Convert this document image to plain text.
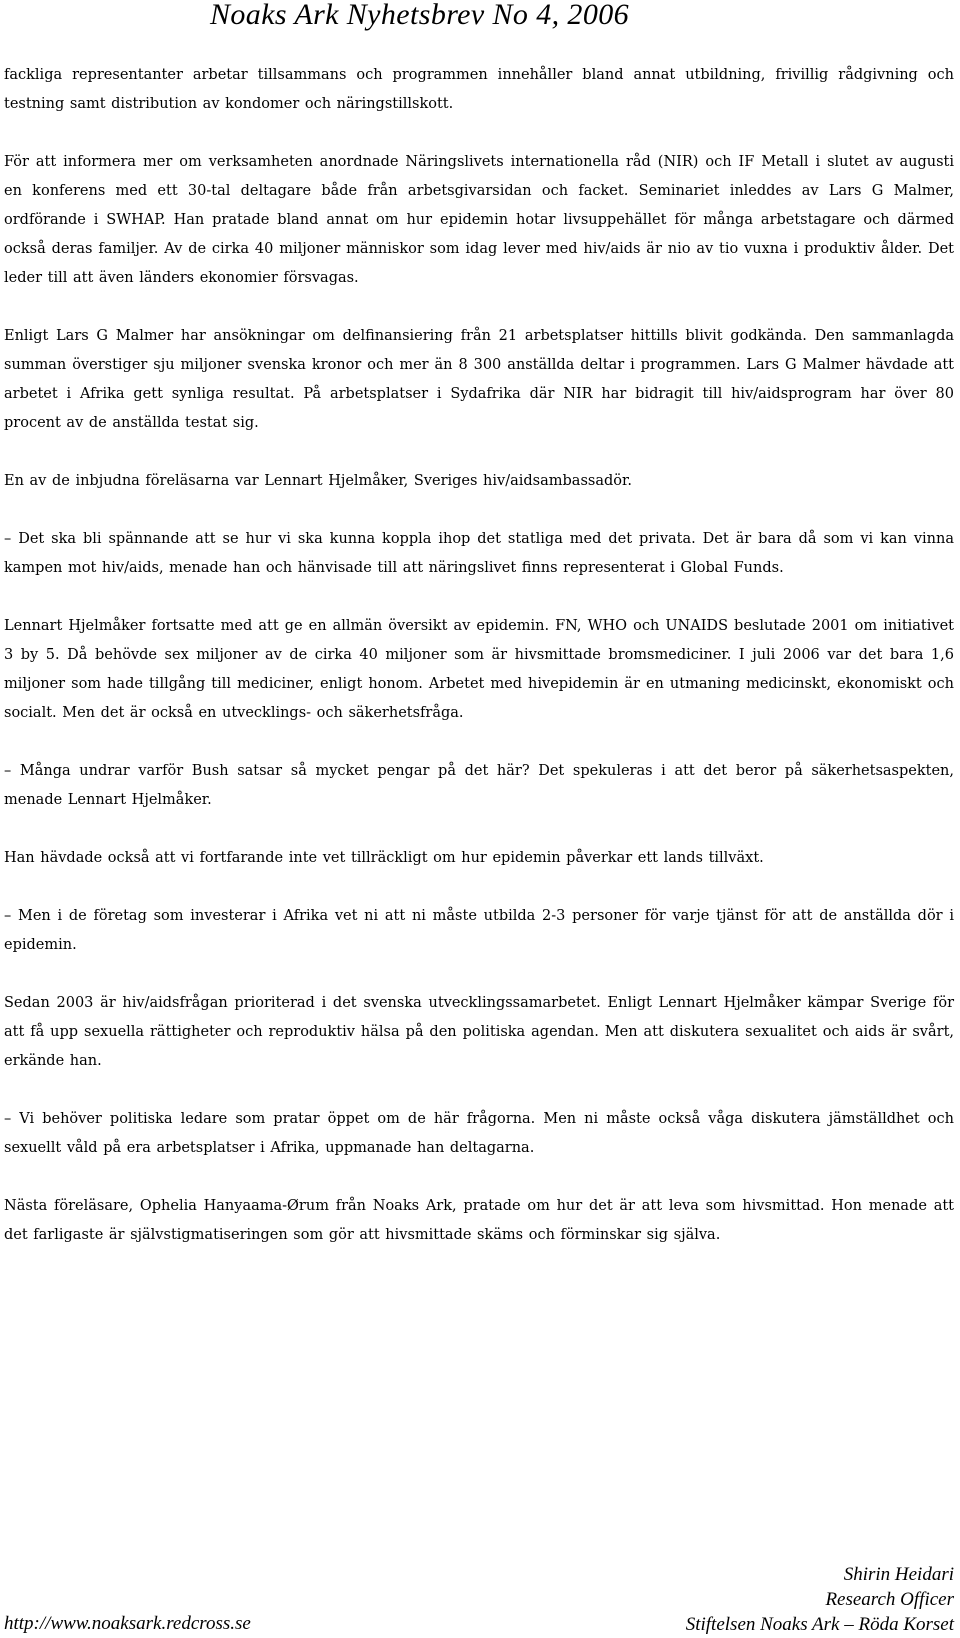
Noaks Ark Nyhetsbrev No 4, 2006

fackliga representanter arbetar tillsammans och programmen innehåller bland annat utbildning, frivillig rådgivning och testning samt distribution av kondomer och näringstillskott.

För att informera mer om verksamheten anordnade Näringslivets internationella råd (NIR) och IF Metall i slutet av augusti en konferens med ett 30-tal deltagare både från arbetsgivarsidan och facket. Seminariet inleddes av Lars G Malmer, ordförande i SWHAP. Han pratade bland annat om hur epidemin hotar livsuppehället för många arbetstagare och därmed också deras familjer. Av de cirka 40 miljoner människor som idag lever med hiv/aids är nio av tio vuxna i produktiv ålder. Det leder till att även länders ekonomier försvagas.

Enligt Lars G Malmer har ansökningar om delfinansiering från 21 arbetsplatser hittills blivit godkända. Den sammanlagda summan överstiger sju miljoner svenska kronor och mer än 8 300 anställda deltar i programmen. Lars G Malmer hävdade att arbetet i Afrika gett synliga resultat. På arbetsplatser i Sydafrika där NIR har bidragit till hiv/aidsprogram har över 80 procent av de anställda testat sig.

En av de inbjudna föreläsarna var Lennart Hjelmåker, Sveriges hiv/aidsambassadör.

– Det ska bli spännande att se hur vi ska kunna koppla ihop det statliga med det privata. Det är bara då som vi kan vinna kampen mot hiv/aids, menade han och hänvisade till att näringslivet finns representerat i Global Funds.

Lennart Hjelmåker fortsatte med att ge en allmän översikt av epidemin. FN, WHO och UNAIDS beslutade 2001 om initiativet 3 by 5. Då behövde sex miljoner av de cirka 40 miljoner som är hivsmittade bromsmediciner. I juli 2006 var det bara 1,6 miljoner som hade tillgång till mediciner, enligt honom. Arbetet med hivepidemin är en utmaning medicinskt, ekonomiskt och socialt. Men det är också en utvecklings- och säkerhetsfråga.

– Många undrar varför Bush satsar så mycket pengar på det här? Det spekuleras i att det beror på säkerhetsaspekten, menade Lennart Hjelmåker.

Han hävdade också att vi fortfarande inte vet tillräckligt om hur epidemin påverkar ett lands tillväxt.

– Men i de företag som investerar i Afrika vet ni att ni måste utbilda 2-3 personer för varje tjänst för att de anställda dör i epidemin.

Sedan 2003 är hiv/aidsfrågan prioriterad i det svenska utvecklingssamarbetet. Enligt Lennart Hjelmåker kämpar Sverige för att få upp sexuella rättigheter och reproduktiv hälsa på den politiska agendan. Men att diskutera sexualitet och aids är svårt, erkände han.

– Vi behöver politiska ledare som pratar öppet om de här frågorna. Men ni måste också våga diskutera jämställdhet och sexuellt våld på era arbetsplatser i Afrika, uppmanade han deltagarna.

Nästa föreläsare, Ophelia Hanyaama-Ørum från Noaks Ark, pratade om hur det är att leva som hivsmittad. Hon menade att det farligaste är självstigmatiseringen som gör att hivsmittade skäms och förminskar sig själva.

Shirin Heidari
Research Officer
Stiftelsen Noaks Ark – Röda Korset
http://www.noaksark.redcross.se
